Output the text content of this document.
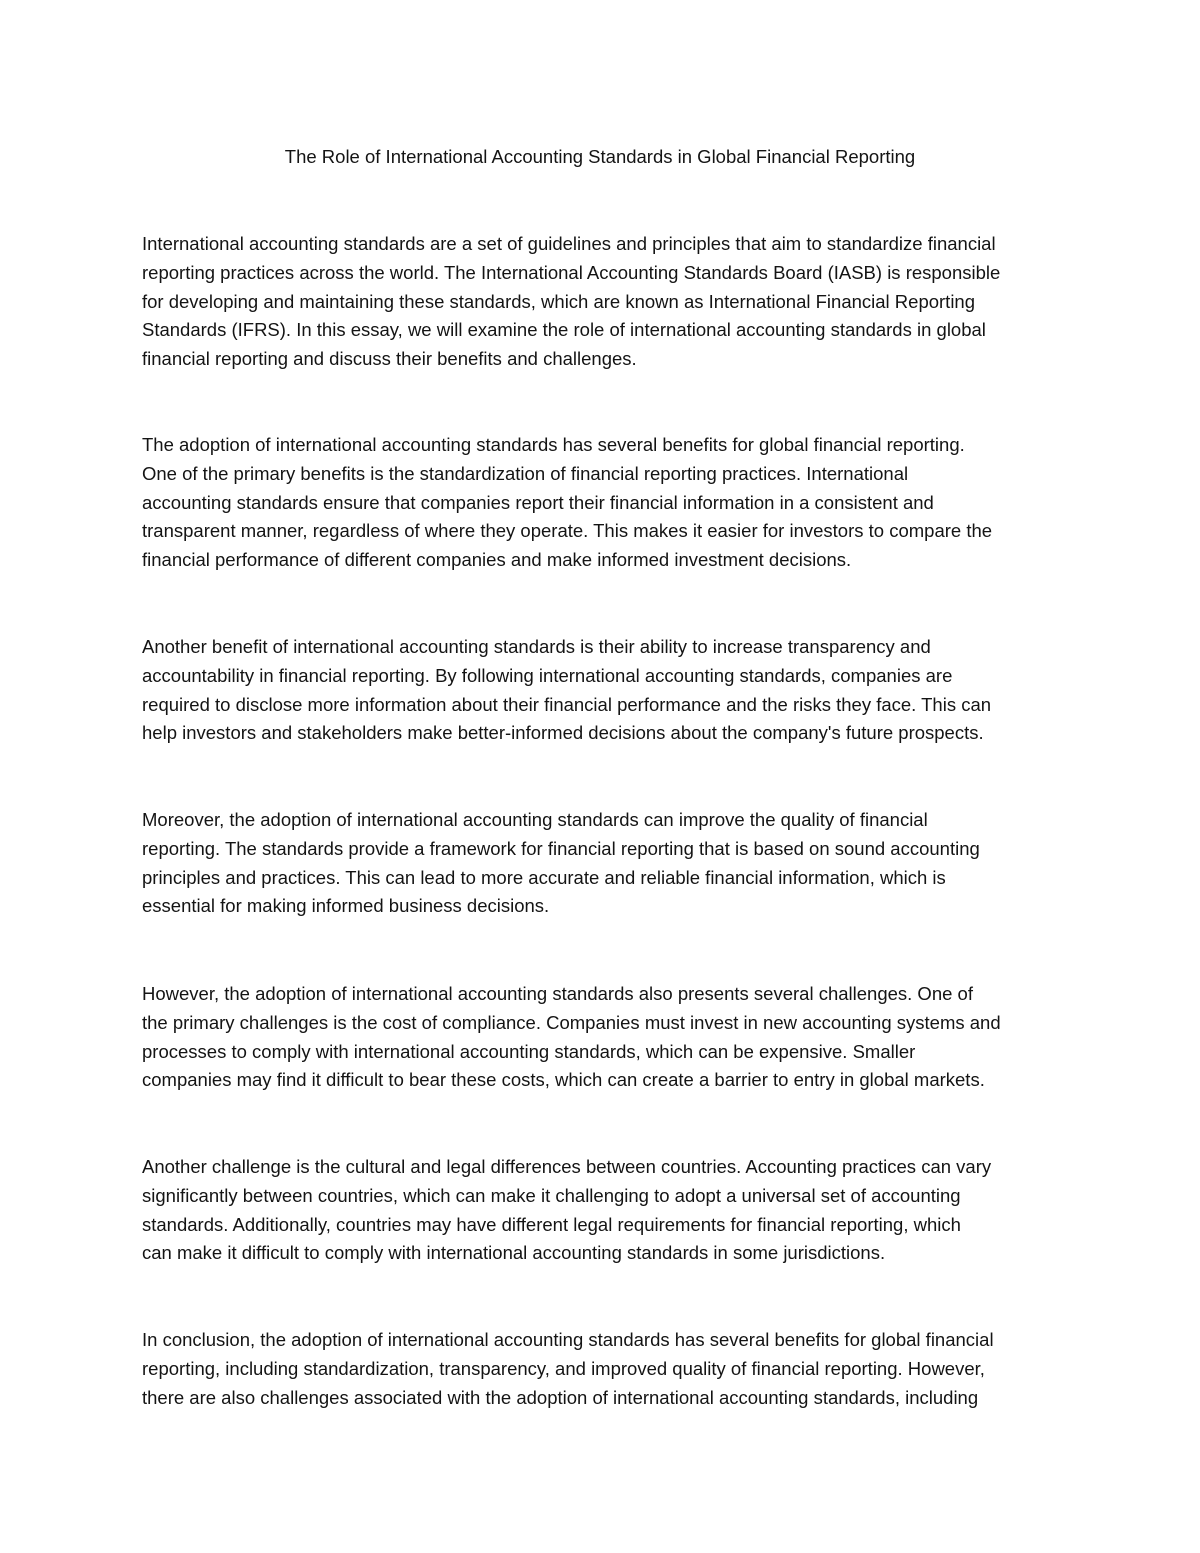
The Role of International Accounting Standards in Global Financial Reporting
International accounting standards are a set of guidelines and principles that aim to standardize financial
reporting practices across the world. The International Accounting Standards Board (IASB) is responsible
for developing and maintaining these standards, which are known as International Financial Reporting
Standards (IFRS). In this essay, we will examine the role of international accounting standards in global
financial reporting and discuss their benefits and challenges.
The adoption of international accounting standards has several benefits for global financial reporting.
One of the primary benefits is the standardization of financial reporting practices. International
accounting standards ensure that companies report their financial information in a consistent and
transparent manner, regardless of where they operate. This makes it easier for investors to compare the
financial performance of different companies and make informed investment decisions.
Another benefit of international accounting standards is their ability to increase transparency and
accountability in financial reporting. By following international accounting standards, companies are
required to disclose more information about their financial performance and the risks they face. This can
help investors and stakeholders make better-informed decisions about the company's future prospects.
Moreover, the adoption of international accounting standards can improve the quality of financial
reporting. The standards provide a framework for financial reporting that is based on sound accounting
principles and practices. This can lead to more accurate and reliable financial information, which is
essential for making informed business decisions.
However, the adoption of international accounting standards also presents several challenges. One of
the primary challenges is the cost of compliance. Companies must invest in new accounting systems and
processes to comply with international accounting standards, which can be expensive. Smaller
companies may find it difficult to bear these costs, which can create a barrier to entry in global markets.
Another challenge is the cultural and legal differences between countries. Accounting practices can vary
significantly between countries, which can make it challenging to adopt a universal set of accounting
standards. Additionally, countries may have different legal requirements for financial reporting, which
can make it difficult to comply with international accounting standards in some jurisdictions.
In conclusion, the adoption of international accounting standards has several benefits for global financial
reporting, including standardization, transparency, and improved quality of financial reporting. However,
there are also challenges associated with the adoption of international accounting standards, including
